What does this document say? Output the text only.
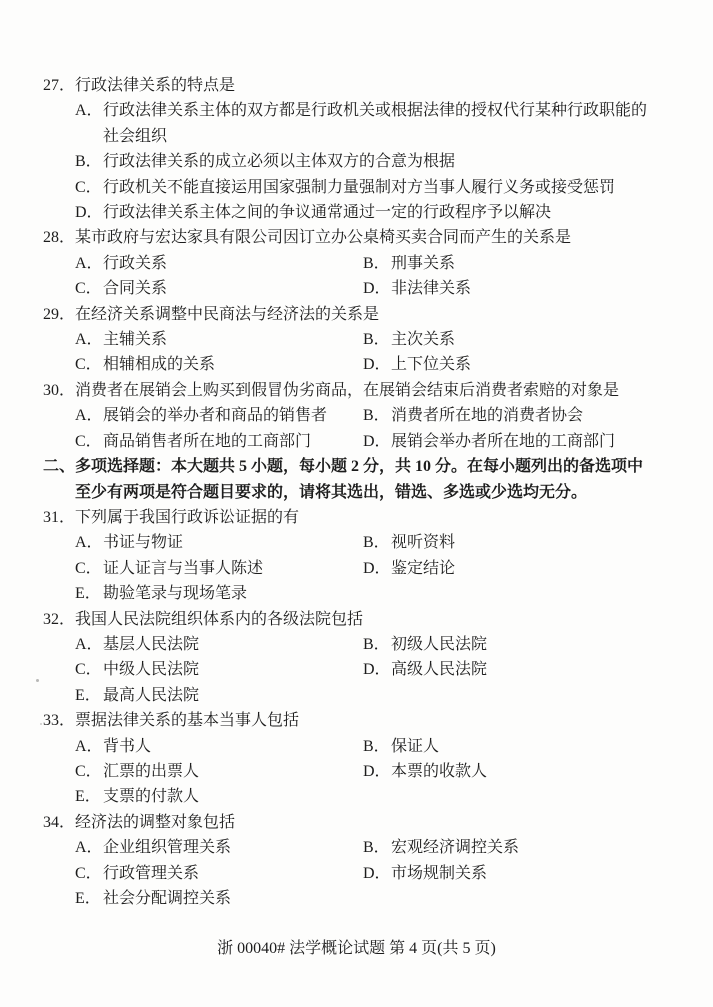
27． 行政法律关系的特点是
A． 行政法律关系主体的双方都是行政机关或根据法律的授权代行某种行政职能的社会组织
B． 行政法律关系的成立必须以主体双方的合意为根据
C． 行政机关不能直接运用国家强制力量强制对方当事人履行义务或接受惩罚
D． 行政法律关系主体之间的争议通常通过一定的行政程序予以解决
28． 某市政府与宏达家具有限公司因订立办公桌椅买卖合同而产生的关系是
A． 行政关系	B． 刑事关系
C． 合同关系	D． 非法律关系
29． 在经济关系调整中民商法与经济法的关系是
A． 主辅关系	B． 主次关系
C． 相辅相成的关系	D． 上下位关系
30． 消费者在展销会上购买到假冒伪劣商品，在展销会结束后消费者索赔的对象是
A． 展销会的举办者和商品的销售者	B． 消费者所在地的消费者协会
C． 商品销售者所在地的工商部门	D． 展销会举办者所在地的工商部门
二、 多项选择题：本大题共 5 小题，每小题 2 分，共 10 分。在每小题列出的备选项中至少有两项是符合题目要求的，请将其选出，错选、多选或少选均无分。
31． 下列属于我国行政诉讼证据的有
A． 书证与物证	B． 视听资料
C． 证人证言与当事人陈述	D． 鉴定结论
E． 勘验笔录与现场笔录
32． 我国人民法院组织体系内的各级法院包括
A． 基层人民法院	B． 初级人民法院
C． 中级人民法院	D． 高级人民法院
E． 最高人民法院
33． 票据法律关系的基本当事人包括
A． 背书人	B． 保证人
C． 汇票的出票人	D． 本票的收款人
E． 支票的付款人
34． 经济法的调整对象包括
A． 企业组织管理关系	B． 宏观经济调控关系
C． 行政管理关系	D． 市场规制关系
E． 社会分配调控关系
浙 00040# 法学概论试题 第 4 页(共 5 页)
